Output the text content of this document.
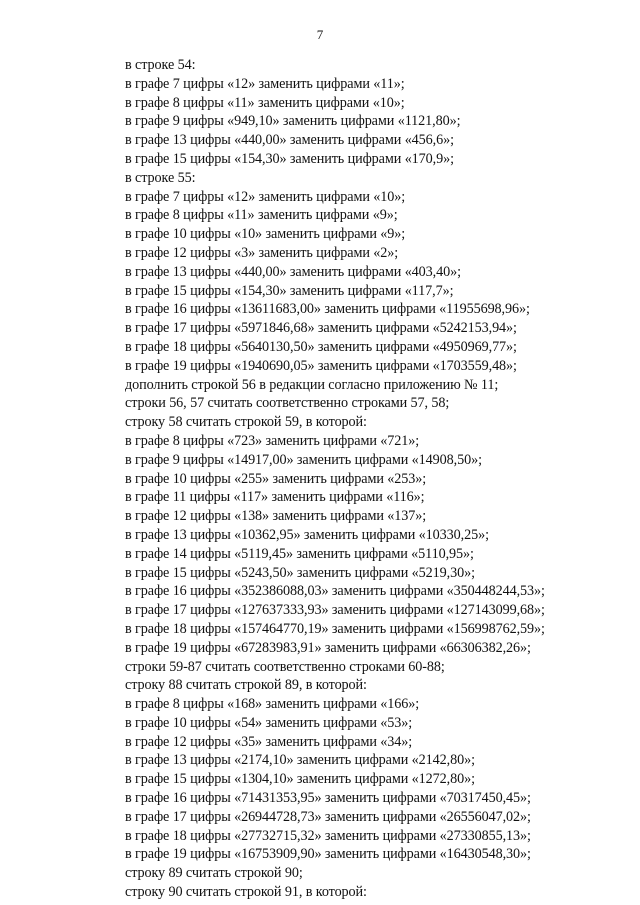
7
в строке 54:
в графе 7 цифры «12» заменить цифрами «11»;
в графе 8 цифры «11» заменить цифрами «10»;
в графе 9 цифры «949,10» заменить цифрами «1121,80»;
в графе 13 цифры «440,00» заменить цифрами «456,6»;
в графе 15 цифры «154,30» заменить цифрами «170,9»;
в строке 55:
в графе 7 цифры «12» заменить цифрами «10»;
в графе 8 цифры «11» заменить цифрами «9»;
в графе 10 цифры «10» заменить цифрами «9»;
в графе 12 цифры «3» заменить цифрами «2»;
в графе 13 цифры «440,00» заменить цифрами «403,40»;
в графе 15 цифры «154,30» заменить цифрами «117,7»;
в графе 16 цифры «13611683,00» заменить цифрами «11955698,96»;
в графе 17 цифры «5971846,68» заменить цифрами «5242153,94»;
в графе 18 цифры «5640130,50» заменить цифрами «4950969,77»;
в графе 19 цифры «1940690,05» заменить цифрами «1703559,48»;
дополнить строкой 56 в редакции согласно приложению № 11;
строки 56, 57 считать соответственно строками 57, 58;
строку 58 считать строкой 59, в которой:
в графе 8 цифры «723» заменить цифрами «721»;
в графе 9 цифры «14917,00» заменить цифрами «14908,50»;
в графе 10 цифры «255» заменить цифрами «253»;
в графе 11 цифры «117» заменить цифрами «116»;
в графе 12 цифры «138» заменить цифрами «137»;
в графе 13 цифры «10362,95» заменить цифрами «10330,25»;
в графе 14 цифры «5119,45» заменить цифрами «5110,95»;
в графе 15 цифры «5243,50» заменить цифрами «5219,30»;
в графе 16 цифры «352386088,03» заменить цифрами «350448244,53»;
в графе 17 цифры «127637333,93» заменить цифрами «127143099,68»;
в графе 18 цифры «157464770,19» заменить цифрами «156998762,59»;
в графе 19 цифры «67283983,91» заменить цифрами «66306382,26»;
строки 59-87 считать соответственно строками 60-88;
строку 88 считать строкой 89, в которой:
в графе 8 цифры «168» заменить цифрами «166»;
в графе 10 цифры «54» заменить цифрами «53»;
в графе 12 цифры «35» заменить цифрами «34»;
в графе 13 цифры «2174,10» заменить цифрами «2142,80»;
в графе 15 цифры «1304,10» заменить цифрами «1272,80»;
в графе 16 цифры «71431353,95» заменить цифрами «70317450,45»;
в графе 17 цифры «26944728,73» заменить цифрами «26556047,02»;
в графе 18 цифры «27732715,32» заменить цифрами «27330855,13»;
в графе 19 цифры «16753909,90» заменить цифрами «16430548,30»;
строку 89 считать строкой 90;
строку 90 считать строкой 91, в которой:
